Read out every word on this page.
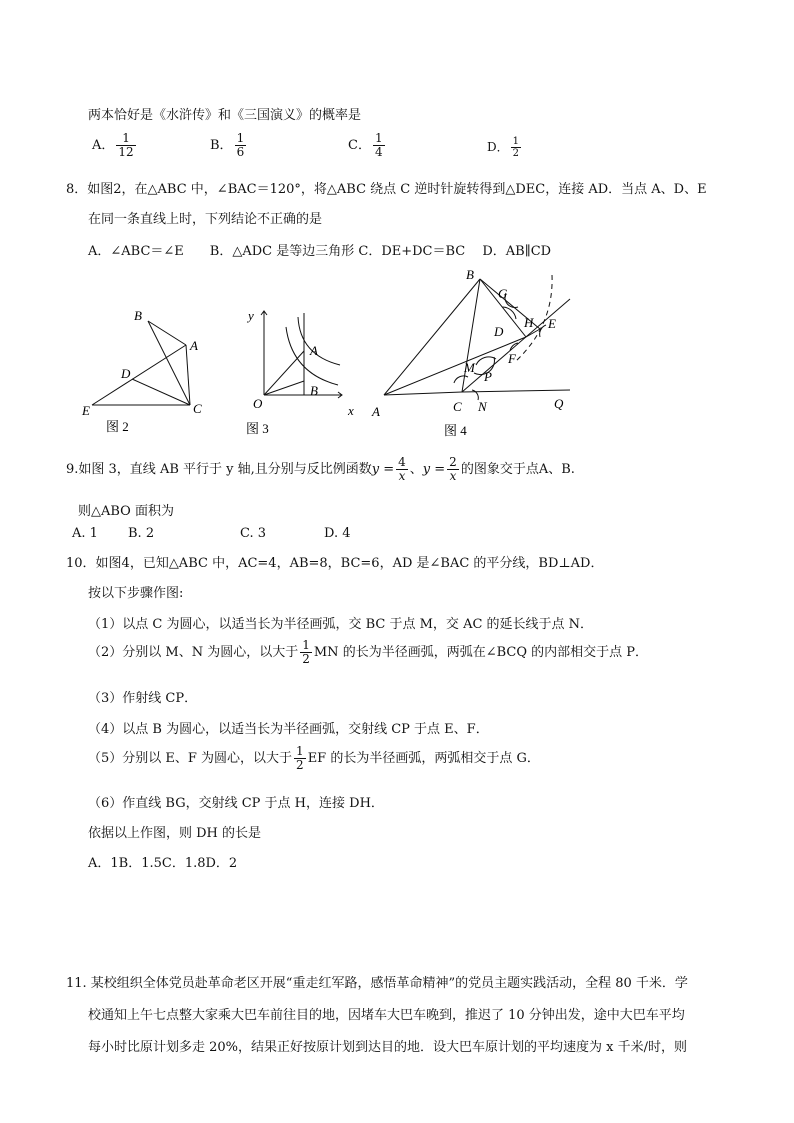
两本恰好是《水浒传》和《三国演义》的概率是
A． $\frac{1}{12}$	B． $\frac{1}{6}$	C． $\frac{1}{4}$	D． $\frac{1}{2}$
8．如图2，在△ABC 中，∠BAC＝120°，将△ABC 绕点 C 逆时针旋转得到△DEC，连接 AD．当点 A、D、E
在同一条直线上时，下列结论不正确的是
A．∠ABC＝∠E　　B．△ADC 是等边三角形 C．DE+DC＝BC　 D．AB∥CD
B
A
D
E	C
图 2
y
x
O
A
B
图 3
B
G
H E
D
F
M
P
A	C N	Q
图 4
9.如图 3，直线 AB 平行于 y 轴,且分别与反比例函数$y = \frac{4}{x}$ 、$y = \frac{2}{x}$ 的图象交于点A、B.
则△ABO 面积为
A. 1 B. 2	C. 3	D. 4
10．如图4，已知△ABC 中，AC=4，AB=8，BC=6，AD 是∠BAC 的平分线，BD⊥AD．
按以下步骤作图:
（1）以点 C 为圆心，以适当长为半径画弧，交 BC 于点 M，交 AC 的延长线于点 N．
（2）分别以 M、N 为圆心，以大于 $\frac{1}{2}$ MN 的长为半径画弧，两弧在∠BCQ 的内部相交于点 P．
（3）作射线 CP．
（4）以点 B 为圆心，以适当长为半径画弧，交射线 CP 于点 E、F．
（5）分别以 E、F 为圆心，以大于 $\frac{1}{2}$ EF 的长为半径画弧，两弧相交于点 G．
（6）作直线 BG，交射线 CP 于点 H，连接 DH．
依据以上作图，则 DH 的长是
A．1B．1.5C．1.8D．2
11. 某校组织全体党员赴革命老区开展“重走红军路，感悟革命精神”的党员主题实践活动，全程 80 千米．学
校通知上午七点整大家乘大巴车前往目的地，因堵车大巴车晚到，推迟了 10 分钟出发，途中大巴车平均
每小时比原计划多走 20%，结果正好按原计划到达目的地．设大巴车原计划的平均速度为 x 千米/时，则
